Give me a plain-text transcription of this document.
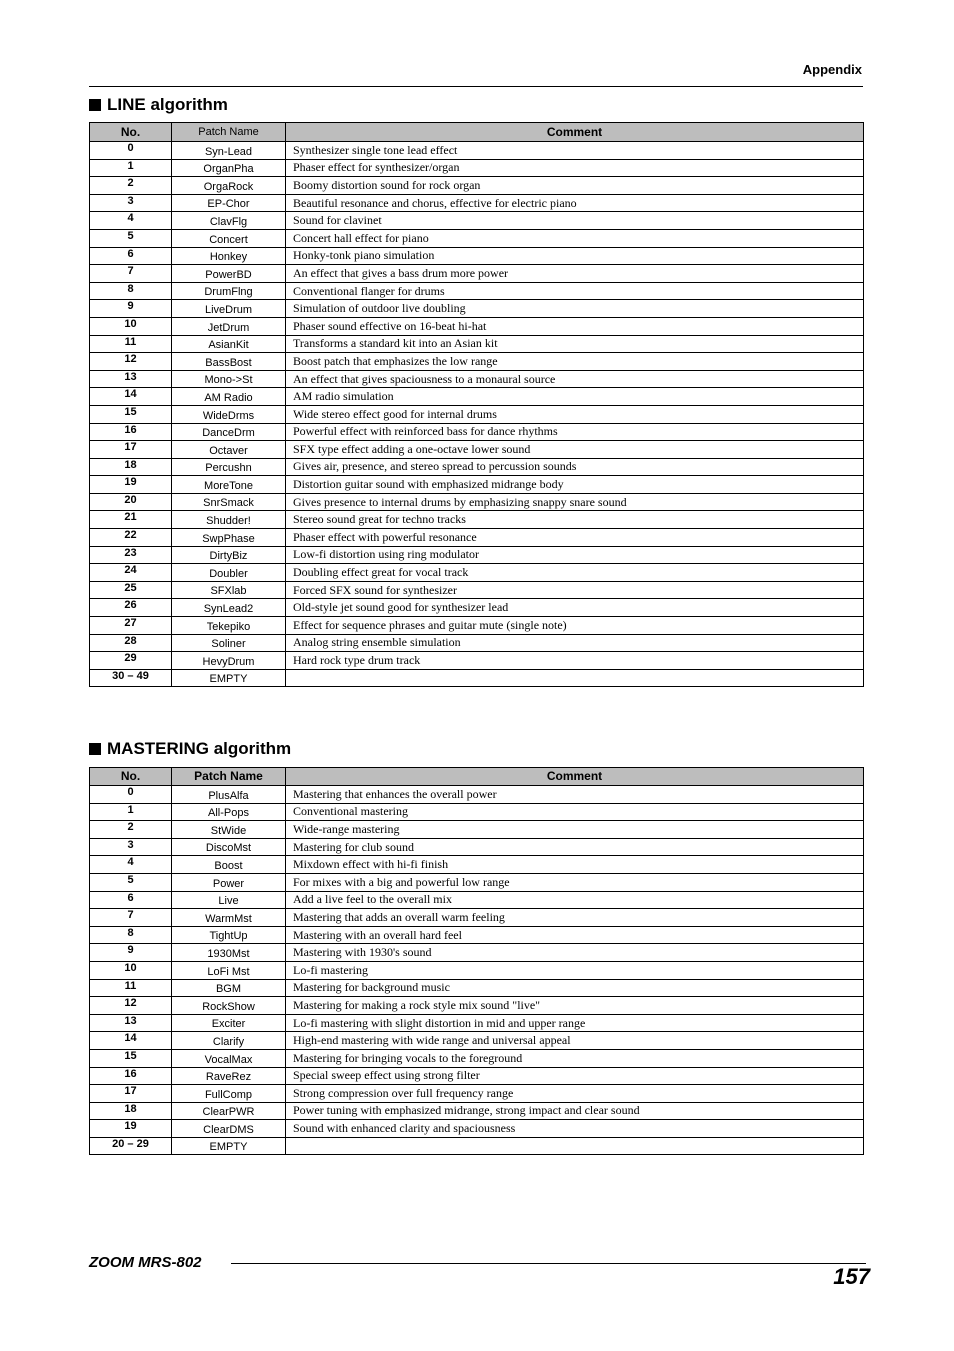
Appendix
LINE algorithm
No.	Patch Name	Comment
0	Syn-Lead	Synthesizer single tone lead effect
1	OrganPha	Phaser effect for synthesizer/organ
2	OrgaRock	Boomy distortion sound for rock organ
3	EP-Chor	Beautiful resonance and chorus, effective for electric piano
4	ClavFlg	Sound for clavinet
5	Concert	Concert hall effect for piano
6	Honkey	Honky-tonk piano simulation
7	PowerBD	An effect that gives a bass drum more power
8	DrumFlng	Conventional flanger for drums
9	LiveDrum	Simulation of outdoor live doubling
10	JetDrum	Phaser sound effective on 16-beat hi-hat
11	AsianKit	Transforms a standard kit into an Asian kit
12	BassBost	Boost patch that emphasizes the low range
13	Mono->St	An effect that gives spaciousness to a monaural source
14	AM Radio	AM radio simulation
15	WideDrms	Wide stereo effect good for internal drums
16	DanceDrm	Powerful effect with reinforced bass for dance rhythms
17	Octaver	SFX type effect adding a one-octave lower sound
18	Percushn	Gives air, presence, and stereo spread to percussion sounds
19	MoreTone	Distortion guitar sound with emphasized midrange body
20	SnrSmack	Gives presence to internal drums by emphasizing snappy snare sound
21	Shudder!	Stereo sound great for techno tracks
22	SwpPhase	Phaser effect with powerful resonance
23	DirtyBiz	Low-fi distortion using ring modulator
24	Doubler	Doubling effect great for vocal track
25	SFXlab	Forced SFX sound for synthesizer
26	SynLead2	Old-style jet sound good for synthesizer lead
27	Tekepiko	Effect for sequence phrases and guitar mute (single note)
28	Soliner	Analog string ensemble simulation
29	HevyDrum	Hard rock type drum track
30 – 49	EMPTY	
MASTERING algorithm
No.	Patch Name	Comment
0	PlusAlfa	Mastering that enhances the overall power
1	All-Pops	Conventional mastering
2	StWide	Wide-range mastering
3	DiscoMst	Mastering for club sound
4	Boost	Mixdown effect with hi-fi finish
5	Power	For mixes with a big and powerful low range
6	Live	Add a live feel to the overall mix
7	WarmMst	Mastering that adds an overall warm feeling
8	TightUp	Mastering with an overall hard feel
9	1930Mst	Mastering with 1930's sound
10	LoFi Mst	Lo-fi mastering
11	BGM	Mastering for background music
12	RockShow	Mastering for making a rock style mix sound "live"
13	Exciter	Lo-fi mastering with slight distortion in mid and upper range
14	Clarify	High-end mastering with wide range and universal appeal
15	VocalMax	Mastering for bringing vocals to the foreground
16	RaveRez	Special sweep effect using strong filter
17	FullComp	Strong compression over full frequency range
18	ClearPWR	Power tuning with emphasized midrange, strong impact and clear sound
19	ClearDMS	Sound with enhanced clarity and spaciousness
20 – 29	EMPTY	
ZOOM MRS-802
157
